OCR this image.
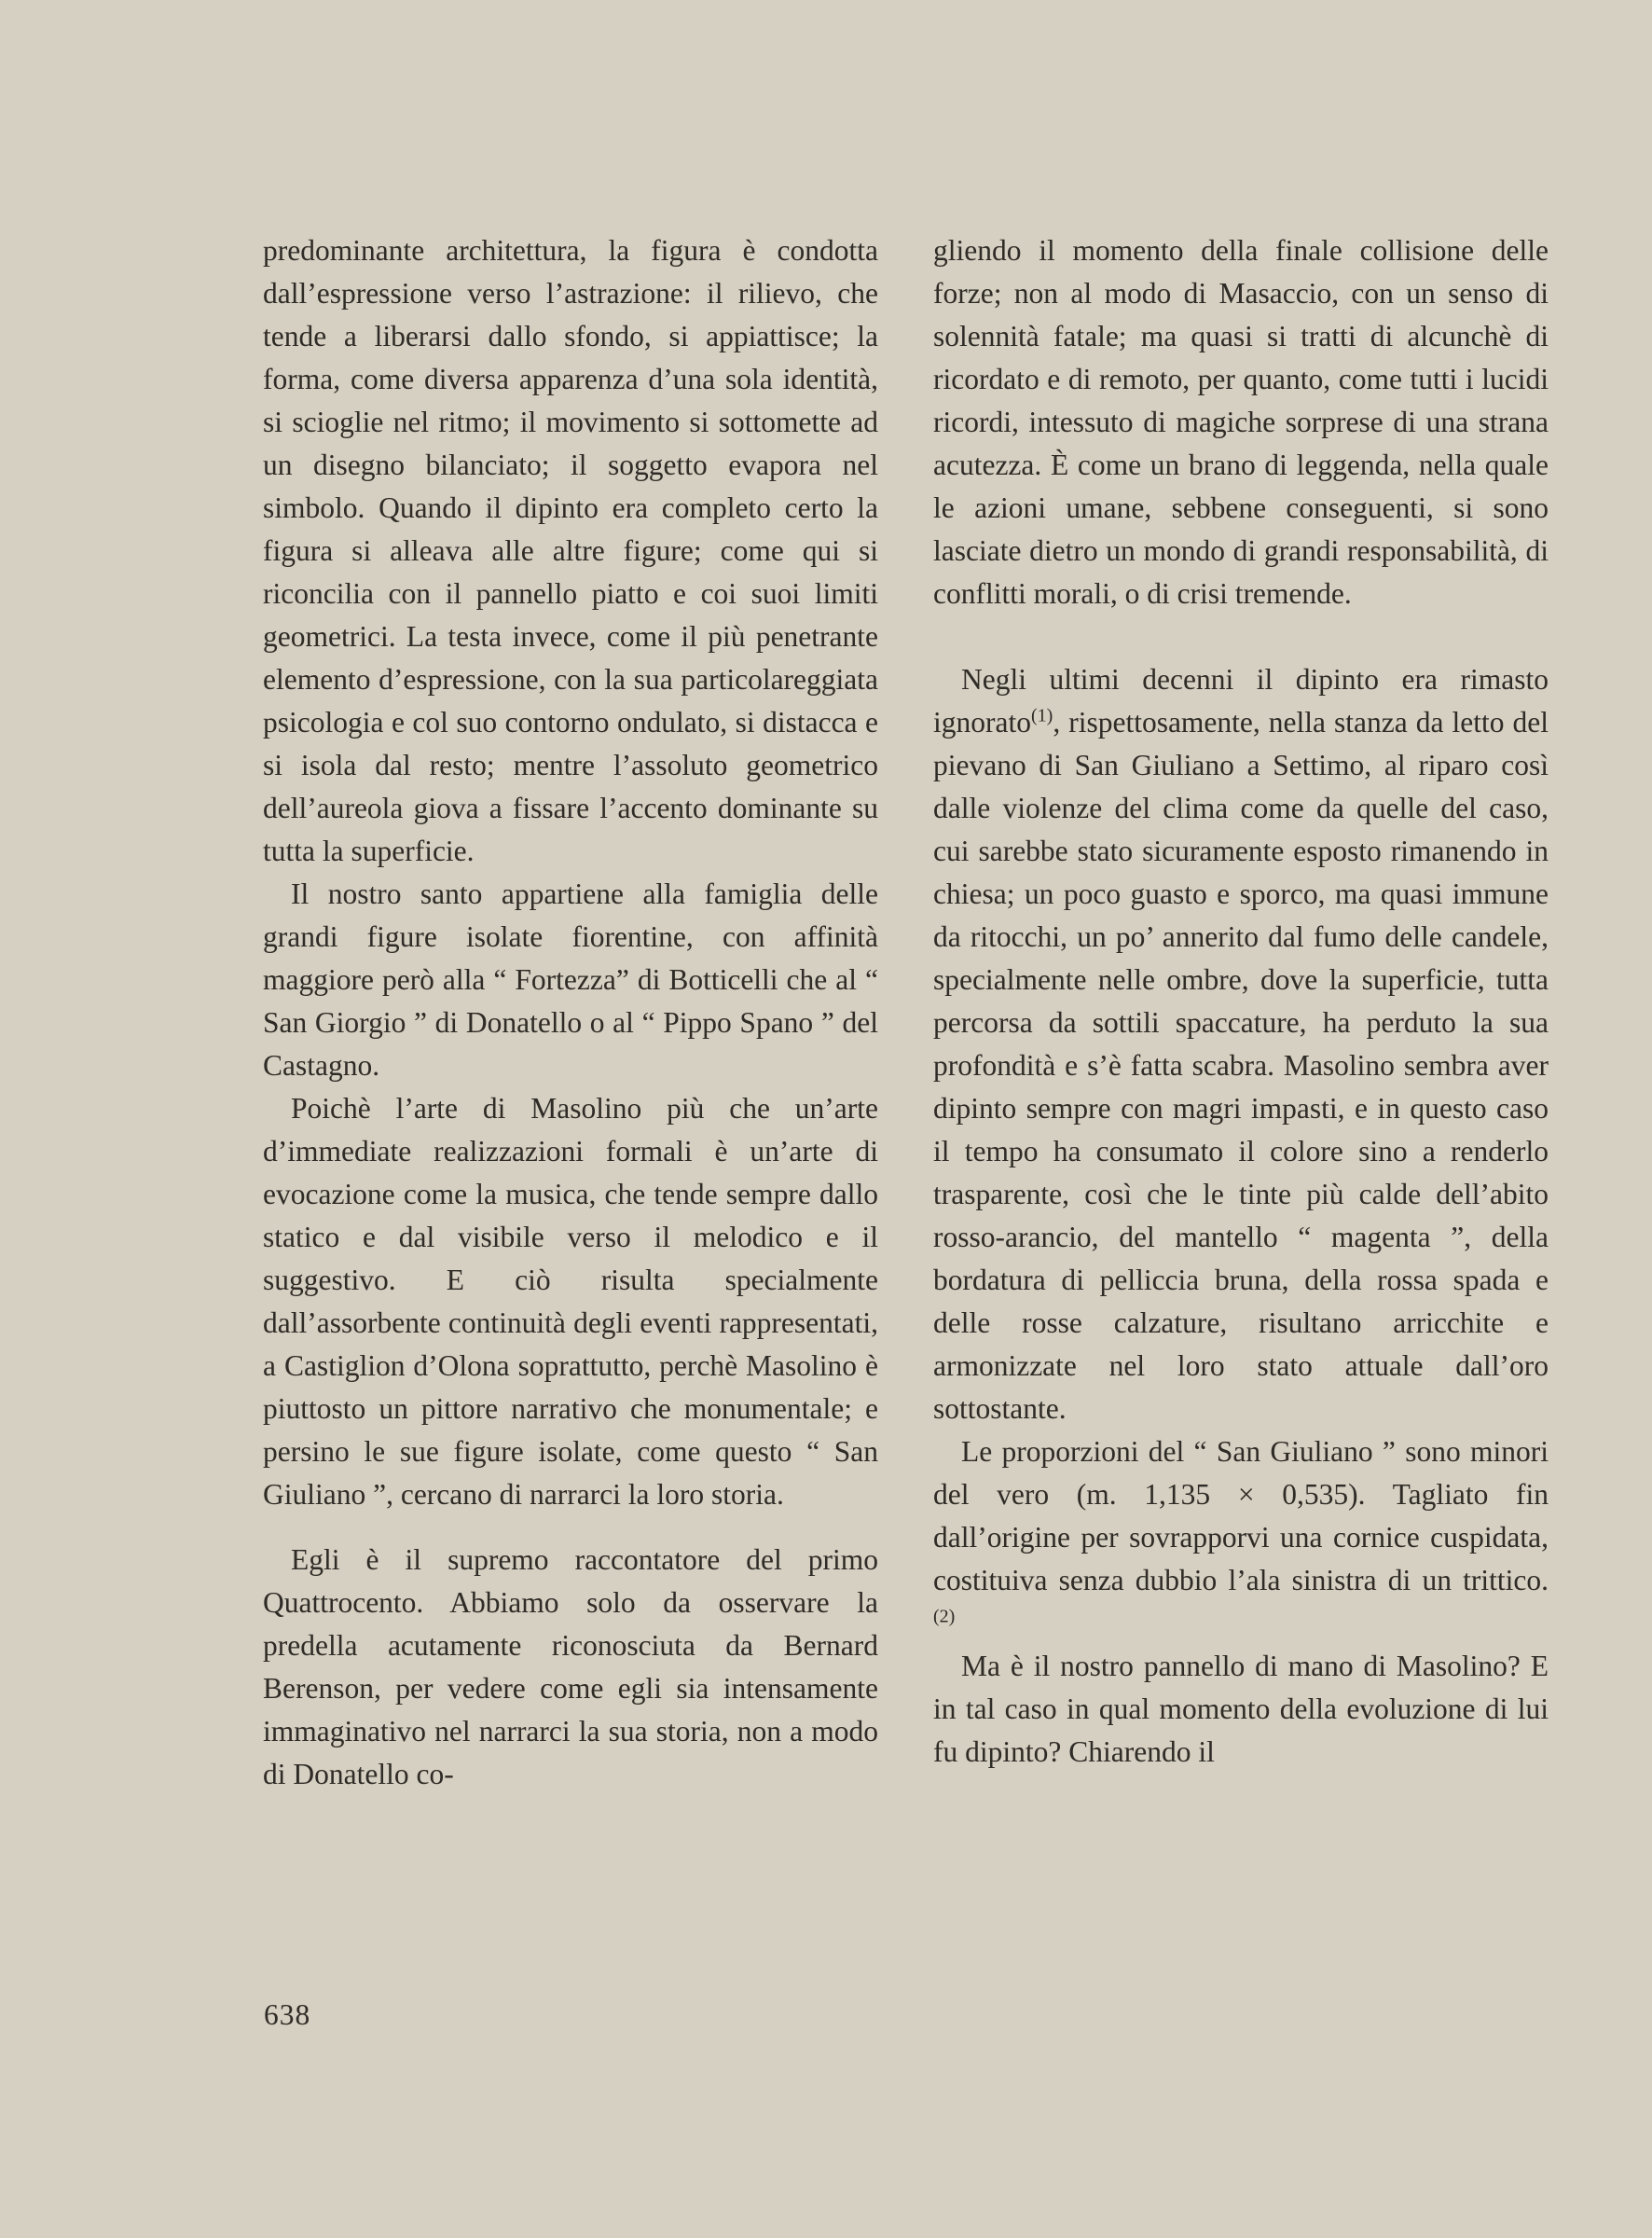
predominante architettura, la figura è condotta dall’espressione verso l’astrazione: il rilievo, che tende a liberarsi dallo sfondo, si appiattisce; la forma, come diversa apparenza d’una sola identità, si scioglie nel ritmo; il movimento si sottomette ad un disegno bilanciato; il soggetto evapora nel simbolo. Quando il dipinto era completo certo la figura si alleava alle altre figure; come qui si riconcilia con il pannello piatto e coi suoi limiti geometrici. La testa invece, come il più penetrante elemento d’espressione, con la sua particolareggiata psicologia e col suo contorno ondulato, si distacca e si isola dal resto; mentre l’assoluto geometrico dell’aureola giova a fissare l’accento dominante su tutta la superficie.

Il nostro santo appartiene alla famiglia delle grandi figure isolate fiorentine, con affinità maggiore però alla “ Fortezza” di Botticelli che al “ San Giorgio ” di Donatello o al “ Pippo Spano ” del Castagno.

Poichè l’arte di Masolino più che un’arte d’immediate realizzazioni formali è un’arte di evocazione come la musica, che tende sempre dallo statico e dal visibile verso il melodico e il suggestivo. E ciò risulta specialmente dall’assorbente continuità degli eventi rappresentati, a Castiglion d’Olona soprattutto, perchè Masolino è piuttosto un pittore narrativo che monumentale; e persino le sue figure isolate, come questo “ San Giuliano ”, cercano di narrarci la loro storia.

Egli è il supremo raccontatore del primo Quattrocento. Abbiamo solo da osservare la predella acutamente riconosciuta da Bernard Berenson, per vedere come egli sia intensamente immaginativo nel narrarci la sua storia, non a modo di Donatello co-

gliendo il momento della finale collisione delle forze; non al modo di Masaccio, con un senso di solennità fatale; ma quasi si tratti di alcunchè di ricordato e di remoto, per quanto, come tutti i lucidi ricordi, intessuto di magiche sorprese di una strana acutezza. È come un brano di leggenda, nella quale le azioni umane, sebbene conseguenti, si sono lasciate dietro un mondo di grandi responsabilità, di conflitti morali, o di crisi tremende.

Negli ultimi decenni il dipinto era rimasto ignorato$^{(1)}$, rispettosamente, nella stanza da letto del pievano di San Giuliano a Settimo, al riparo così dalle violenze del clima come da quelle del caso, cui sarebbe stato sicuramente esposto rimanendo in chiesa; un poco guasto e sporco, ma quasi immune da ritocchi, un po’ annerito dal fumo delle candele, specialmente nelle ombre, dove la superficie, tutta percorsa da sottili spaccature, ha perduto la sua profondità e s’è fatta scabra. Masolino sembra aver dipinto sempre con magri impasti, e in questo caso il tempo ha consumato il colore sino a renderlo trasparente, così che le tinte più calde dell’abito rosso-arancio, del mantello “ magenta ”, della bordatura di pelliccia bruna, della rossa spada e delle rosse calzature, risultano arricchite e armonizzate nel loro stato attuale dall’oro sottostante.

Le proporzioni del “ San Giuliano ” sono minori del vero (m. 1,135 × 0,535). Tagliato fin dall’origine per sovrapporvi una cornice cuspidata, costituiva senza dubbio l’ala sinistra di un trittico. $^{(2)}$

Ma è il nostro pannello di mano di Masolino? E in tal caso in qual momento della evoluzione di lui fu dipinto? Chiarendo il

638
